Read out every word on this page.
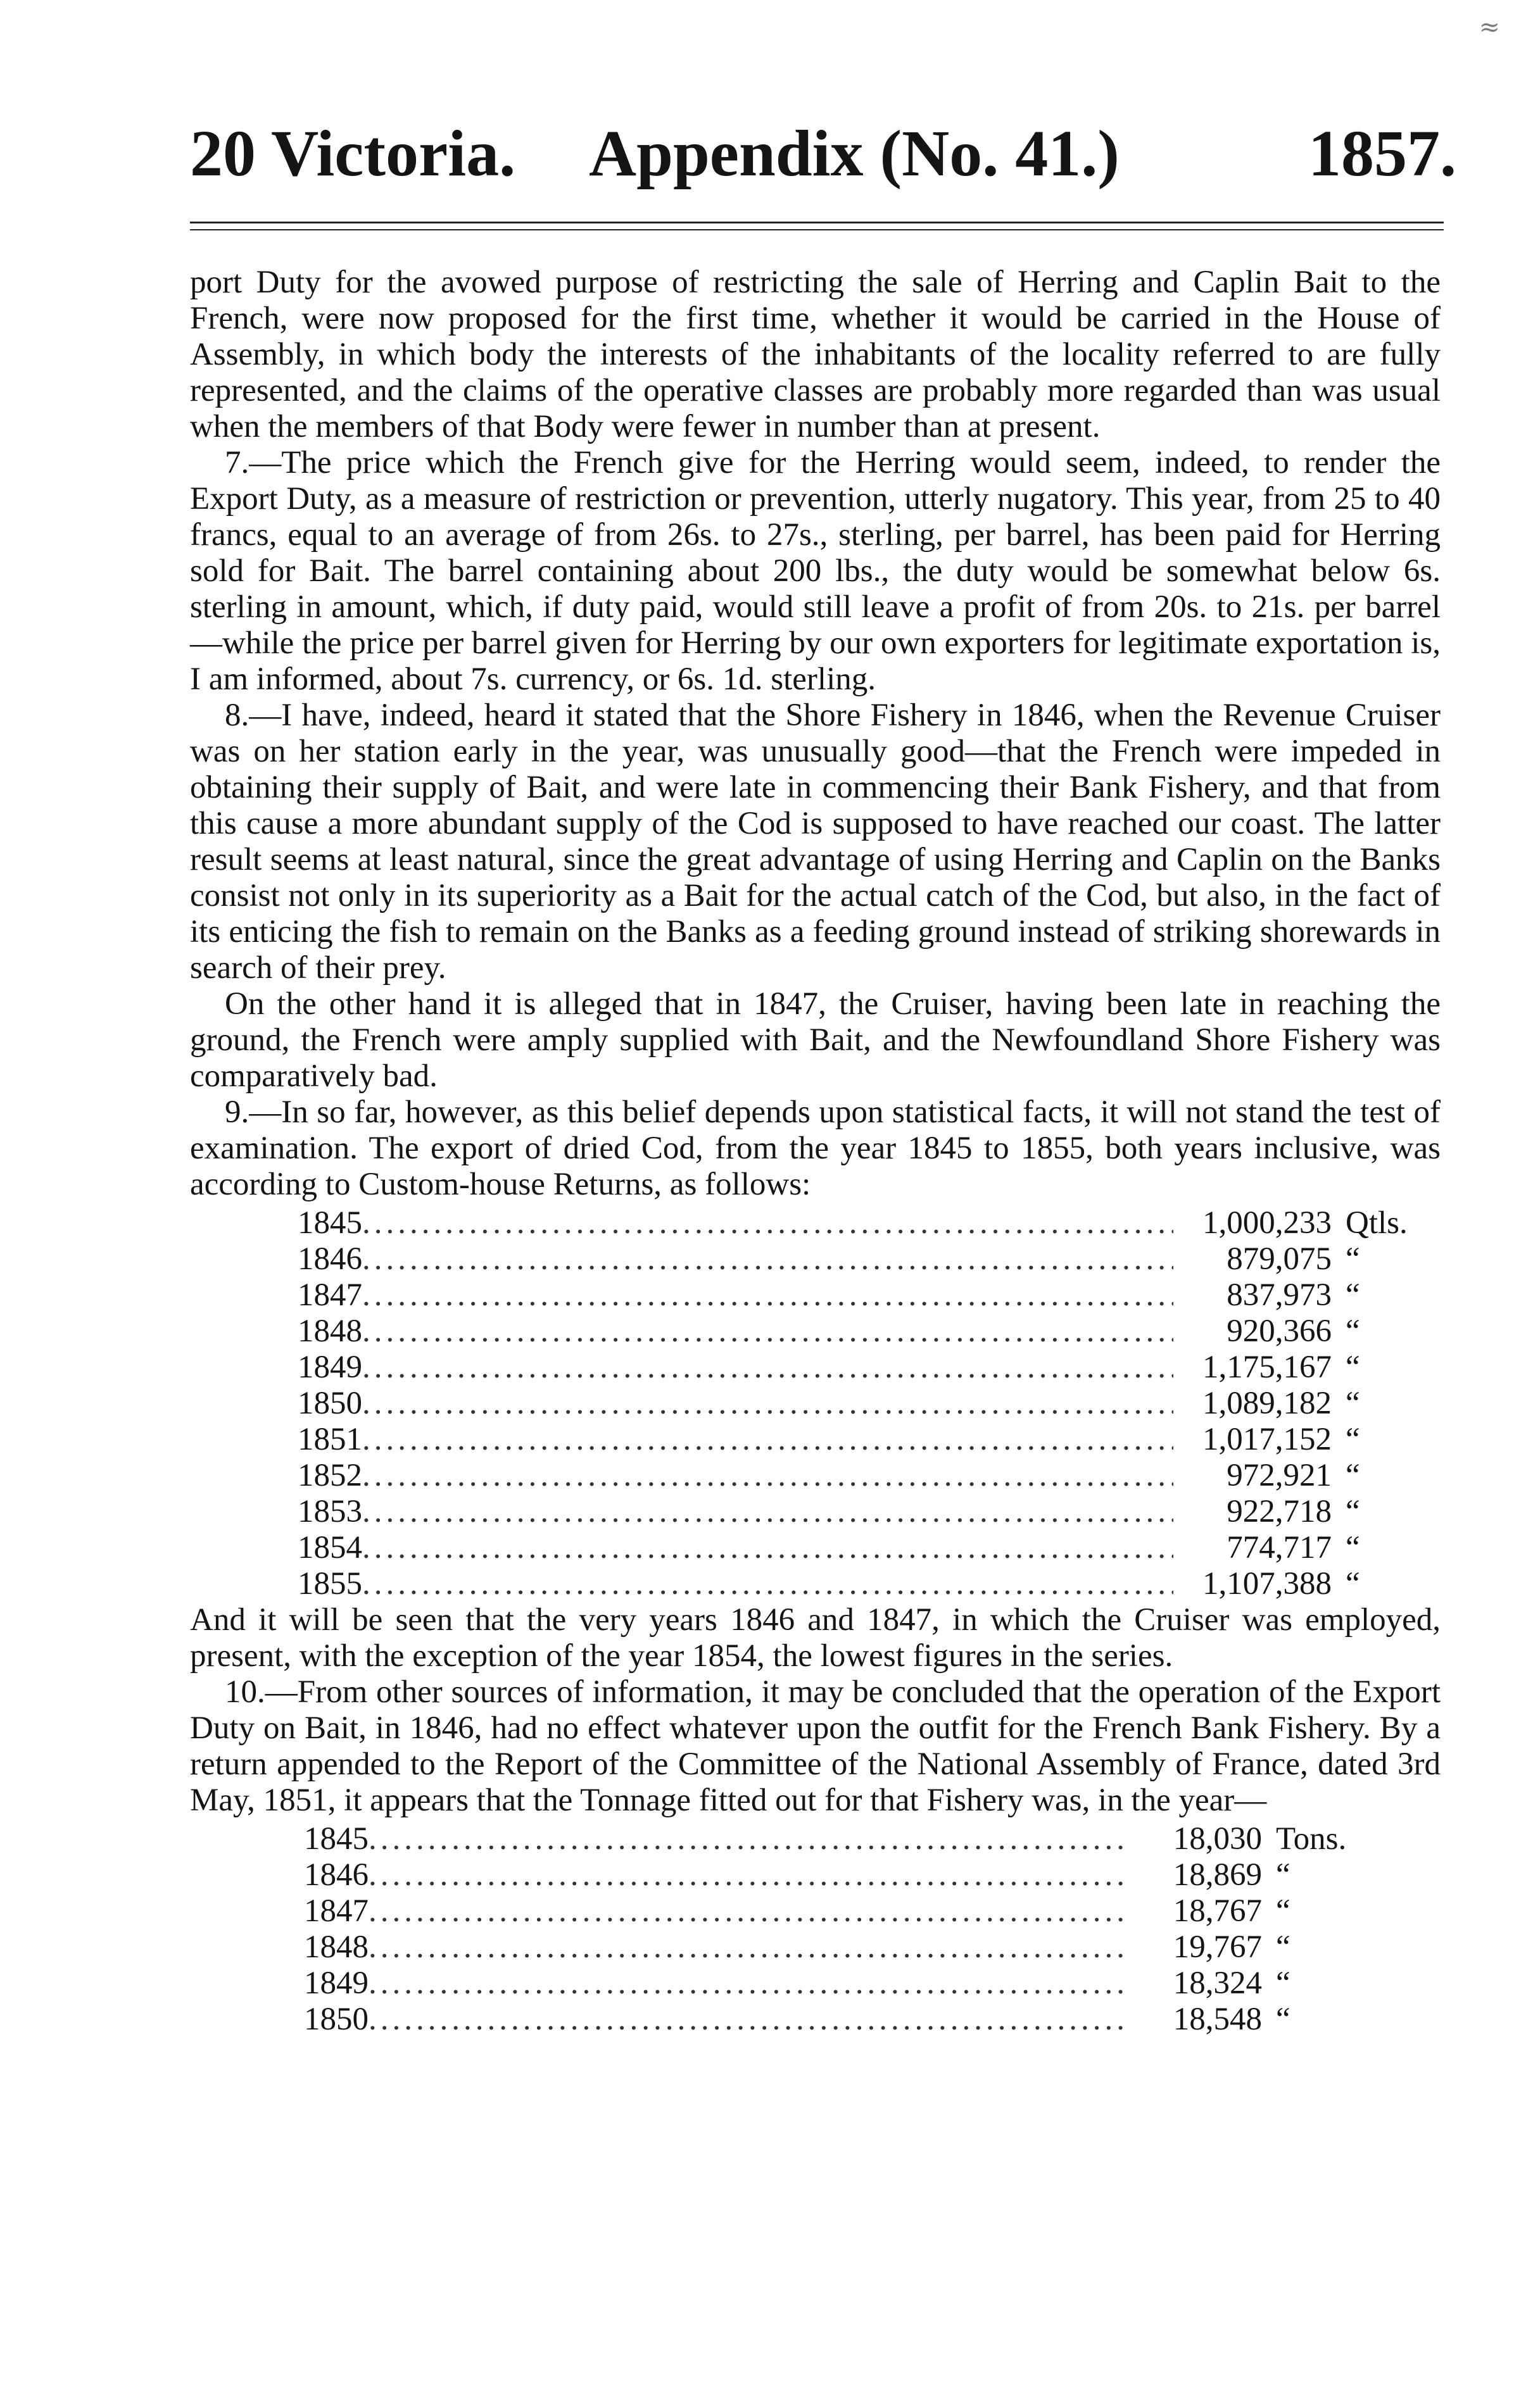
≈
20 Victoria. Appendix (No. 41.)	1857.

port Duty for the avowed purpose of restricting the sale of Herring and Caplin Bait to the French, were now proposed for the first time, whether it would be carried in the House of Assembly, in which body the interests of the inhabitants of the locality referred to are fully represented, and the claims of the operative classes are probably more regarded than was usual when the members of that Body were fewer in number than at present.

7.—The price which the French give for the Herring would seem, indeed, to render the Export Duty, as a measure of restriction or prevention, utterly nugatory. This year, from 25 to 40 francs, equal to an average of from 26s. to 27s., sterling, per barrel, has been paid for Herring sold for Bait. The barrel containing about 200 lbs., the duty would be somewhat below 6s. sterling in amount, which, if duty paid, would still leave a profit of from 20s. to 21s. per barrel—while the price per barrel given for Herring by our own exporters for legitimate exportation is, I am informed, about 7s. currency, or 6s. 1d. sterling.

8.—I have, indeed, heard it stated that the Shore Fishery in 1846, when the Revenue Cruiser was on her station early in the year, was unusually good—that the French were impeded in obtaining their supply of Bait, and were late in commencing their Bank Fishery, and that from this cause a more abundant supply of the Cod is supposed to have reached our coast. The latter result seems at least natural, since the great advantage of using Herring and Caplin on the Banks consist not only in its superiority as a Bait for the actual catch of the Cod, but also, in the fact of its enticing the fish to remain on the Banks as a feeding ground instead of striking shorewards in search of their prey.

On the other hand it is alleged that in 1847, the Cruiser, having been late in reaching the ground, the French were amply supplied with Bait, and the Newfoundland Shore Fishery was comparatively bad.

9.—In so far, however, as this belief depends upon statistical facts, it will not stand the test of examination. The export of dried Cod, from the year 1845 to 1855, both years inclusive, was according to Custom-house Returns, as follows:

1845 .....	1,000,233 Qtls.
1846 .....	879,075 “
1847 .....	837,973 “
1848 .....	920,366 “
1849 .....	1,175,167 “
1850 .....	1,089,182 “
1851 .....	1,017,152 “
1852 .....	972,921 “
1853 .....	922,718 “
1854 .....	774,717 “
1855 .....	1,107,388 “

And it will be seen that the very years 1846 and 1847, in which the Cruiser was employed, present, with the exception of the year 1854, the lowest figures in the series.

10.—From other sources of information, it may be concluded that the operation of the Export Duty on Bait, in 1846, had no effect whatever upon the outfit for the French Bank Fishery. By a return appended to the Report of the Committee of the National Assembly of France, dated 3rd May, 1851, it appears that the Tonnage fitted out for that Fishery was, in the year—

1845 .....	18,030 Tons.
1846 .....	18,869 “
1847 .....	18,767 “
1848 .....	19,767 “
1849 .....	18,324 “
1850 .....	18,548 “
